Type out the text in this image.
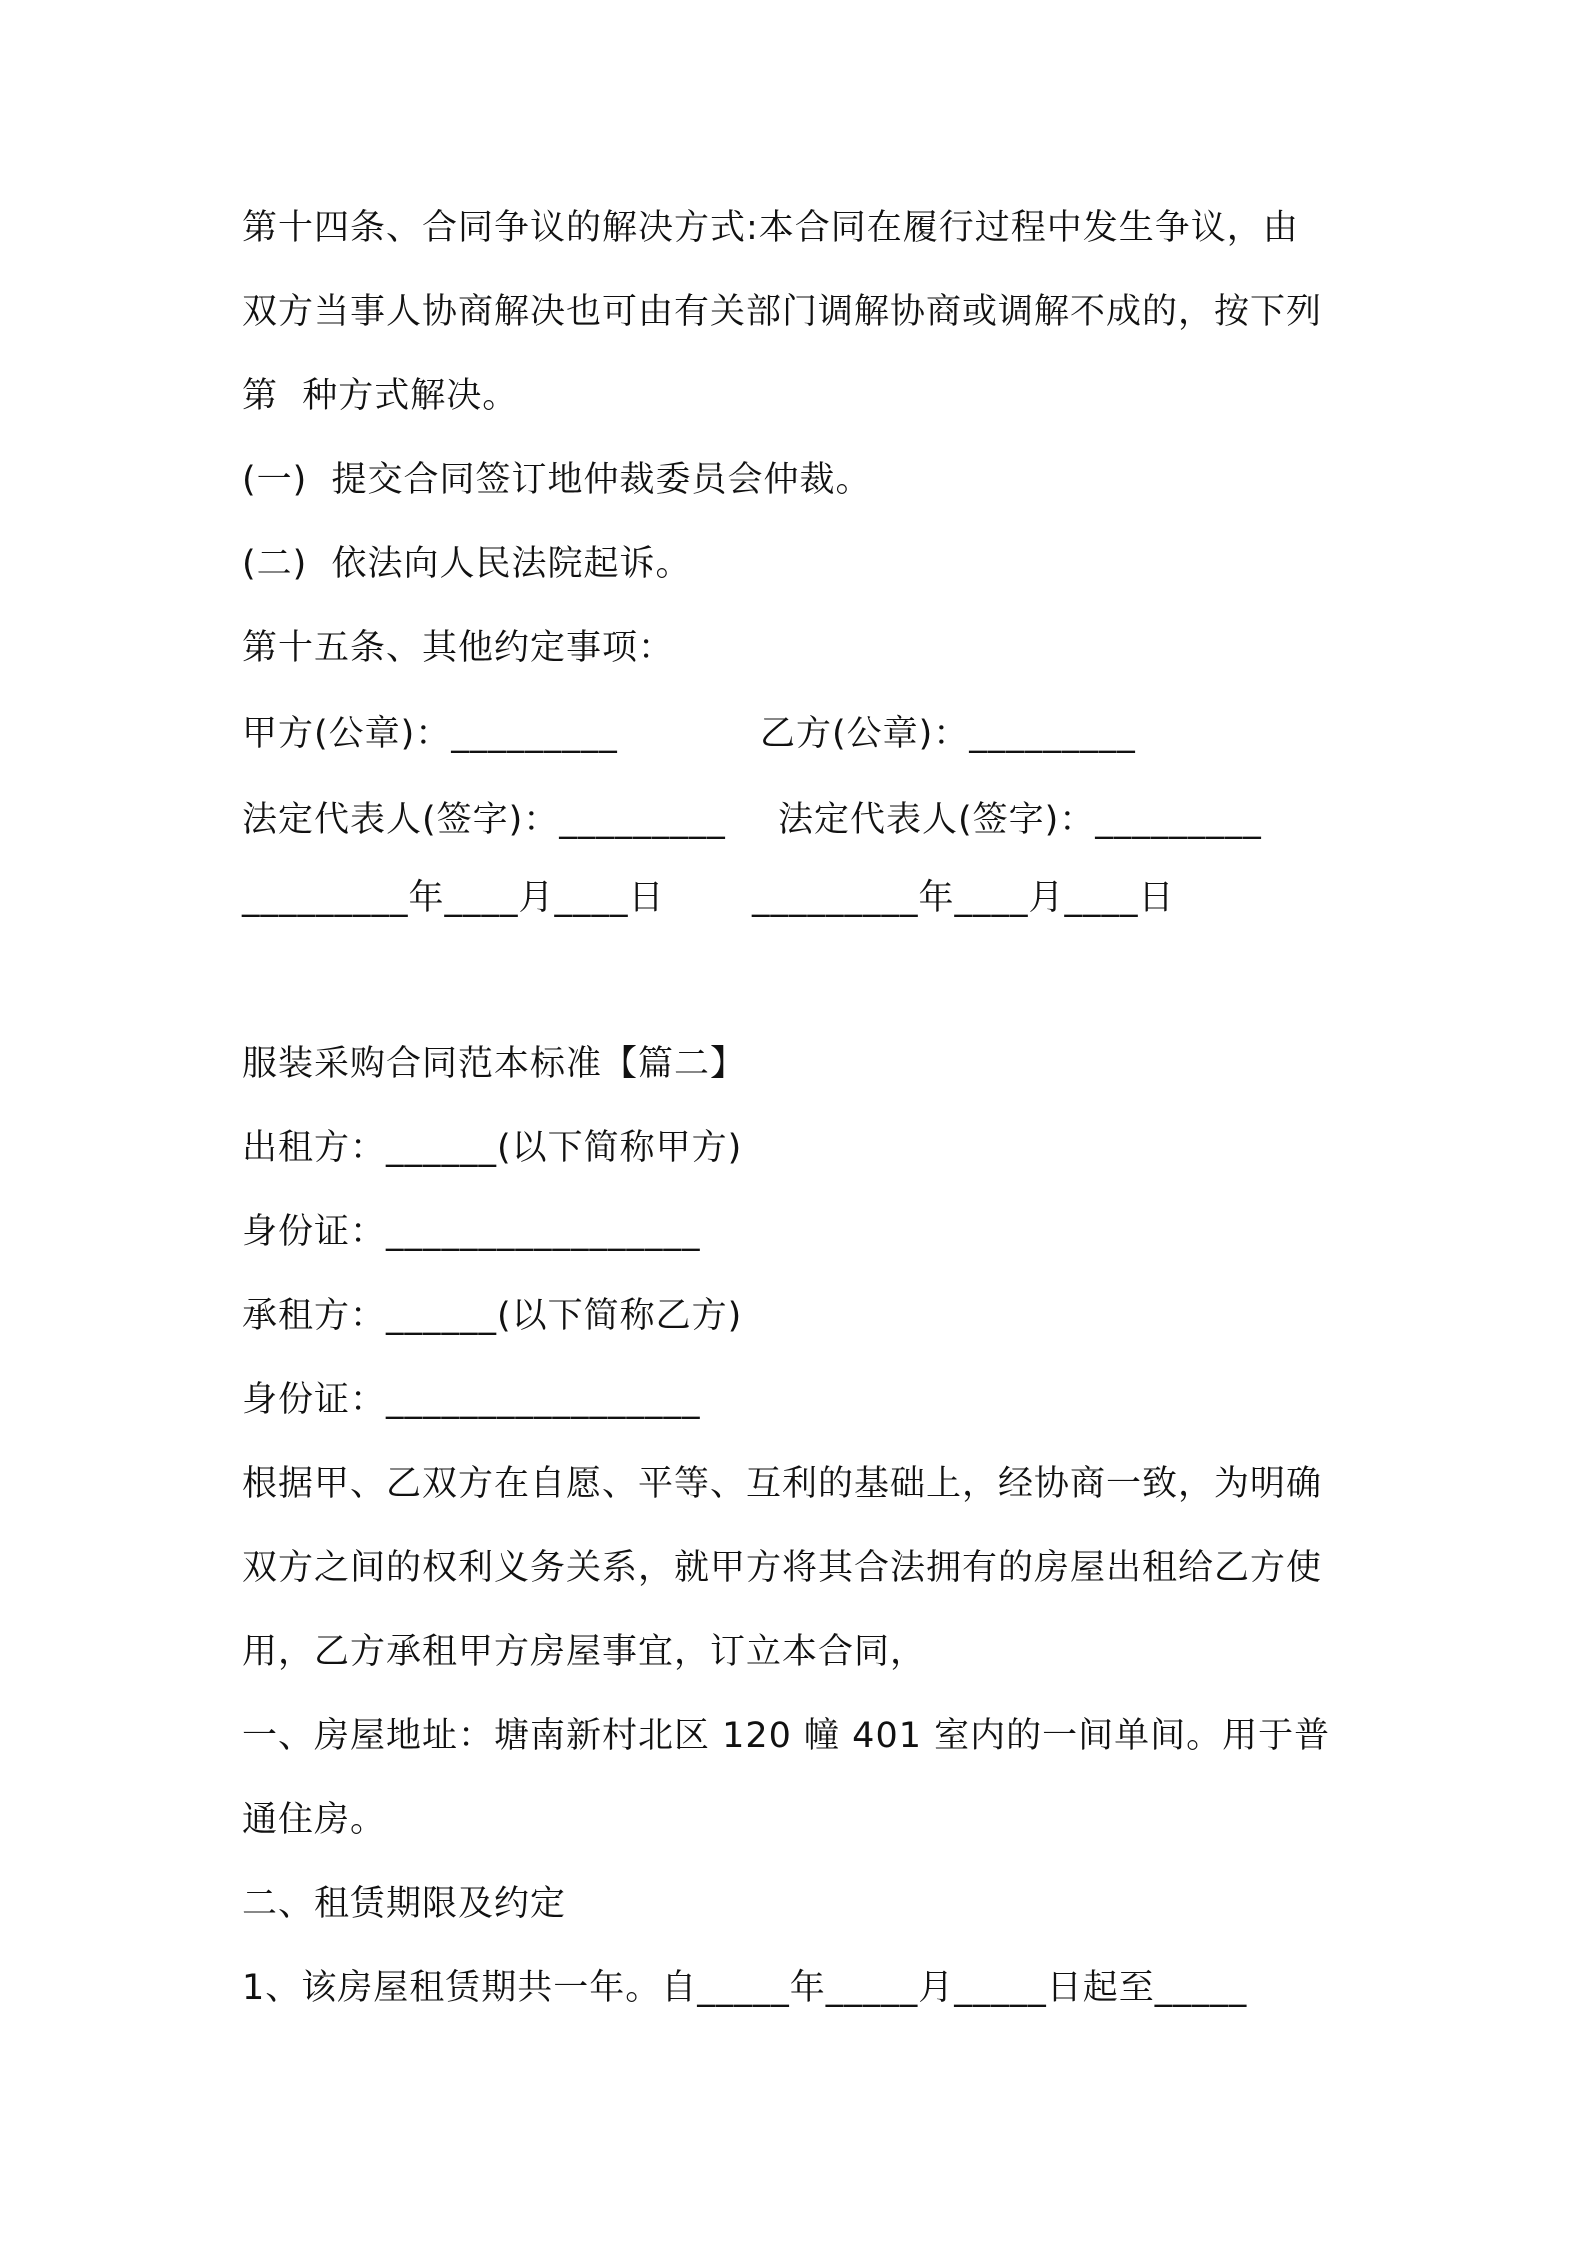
第十四条、合同争议的解决方式:本合同在履行过程中发生争议，由
双方当事人协商解决也可由有关部门调解协商或调解不成的，按下列
第  种方式解决。
(一)  提交合同签订地仲裁委员会仲裁。
(二)  依法向人民法院起诉。
第十五条、其他约定事项：
甲方(公章)：_________	乙方(公章)：_________
法定代表人(签字)：_________ 法定代表人(签字)：_________
_________年____月____日 _________年____月____日
服装采购合同范本标准【篇二】
出租方：______(以下简称甲方)
身份证：_________________
承租方：______(以下简称乙方)
身份证：_________________
根据甲、乙双方在自愿、平等、互利的基础上，经协商一致，为明确
双方之间的权利义务关系，就甲方将其合法拥有的房屋出租给乙方使
用，乙方承租甲方房屋事宜，订立本合同，
一、房屋地址：塘南新村北区 120 幢 401 室内的一间单间。用于普
通住房。
二、租赁期限及约定
1、该房屋租赁期共一年。自_____年_____月_____日起至_____
